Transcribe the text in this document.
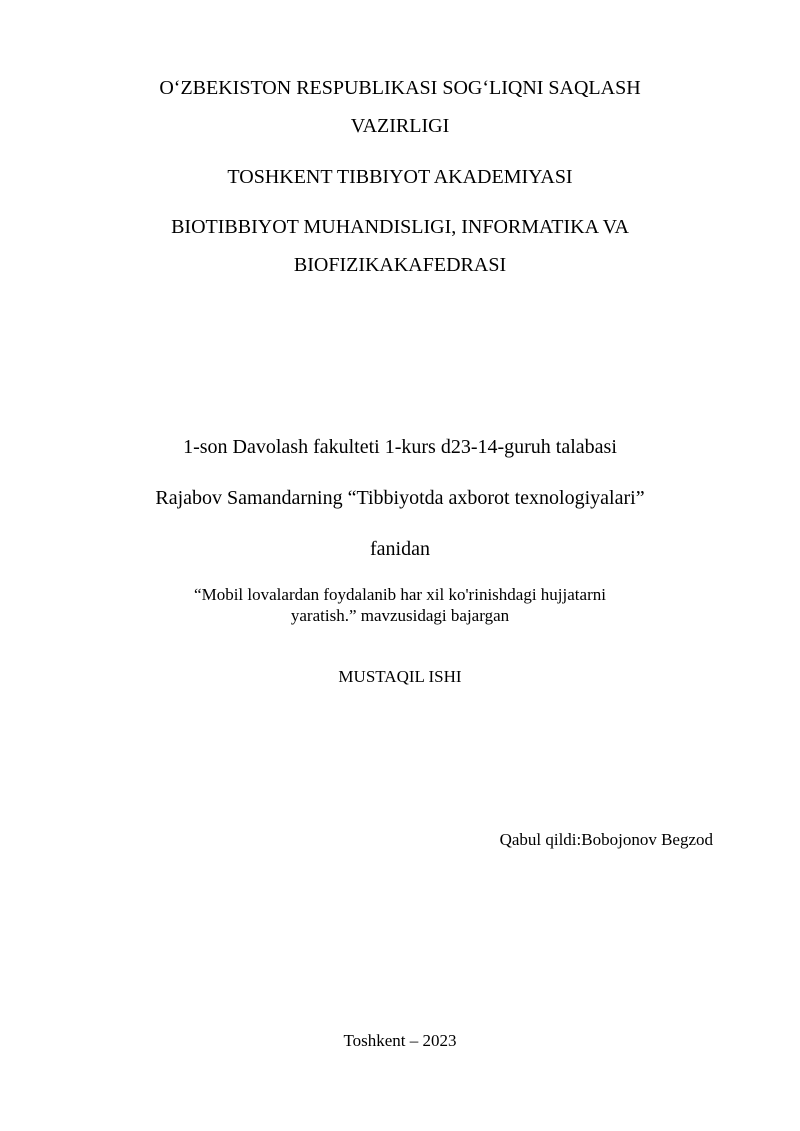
O‘ZBEKISTON RESPUBLIKASI SOG‘LIQNI SAQLASH
VAZIRLIGI
TOSHKENT TIBBIYOT AKADEMIYASI
BIOTIBBIYOT MUHANDISLIGI, INFORMATIKA VA
BIOFIZIKAKAFEDRASI
1-son Davolash fakulteti 1-kurs d23-14-guruh talabasi
Rajabov Samandarning “Tibbiyotda axborot texnologiyalari”
fanidan
“Mobil lovalardan foydalanib har xil ko'rinishdagi hujjatarni
yaratish.” mavzusidagi bajargan
MUSTAQIL ISHI
Qabul qildi:Bobojonov Begzod
Toshkent – 2023
